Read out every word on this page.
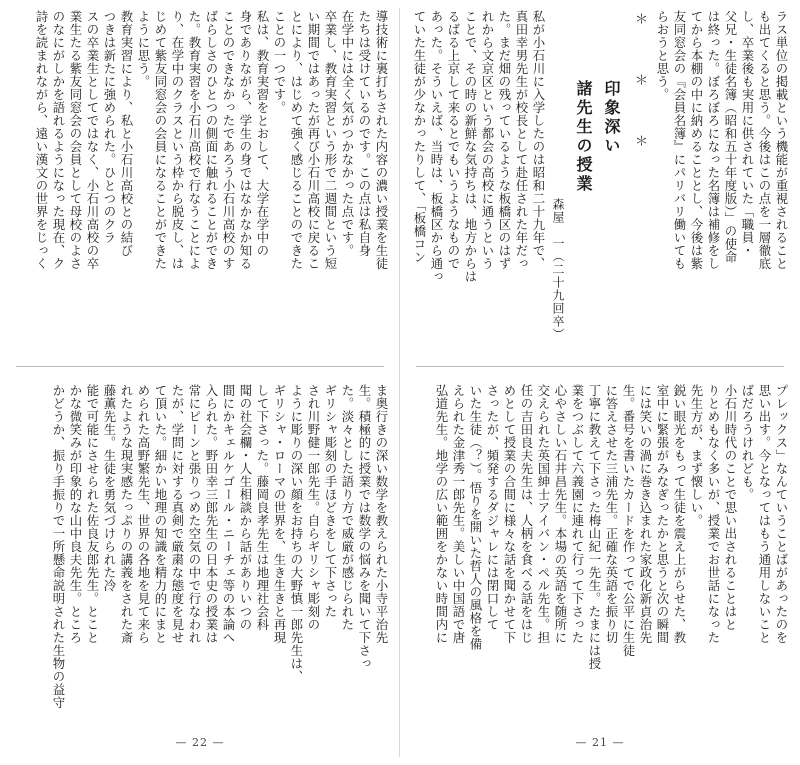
導技術に裏打ちされた内容の濃い授業を生徒
たちは受けているのです。この点は私自身
在学中には全く気がつかなかった点です。
卒業し、教育実習という形で二週間という短
い期間ではあったが再び小石川高校に戻るこ
とにより、はじめて強く感じることのできた
ことの一つです。
私は、教育実習をとおして、大学在学中の
身でありながら、学生の身ではなかなか知る
ことのできなかったであろう小石川高校のす
ばらしさのひとつの側面に触れることができ
た。教育実習を小石川高校で行なうことによ
り、在学中のクラスという枠から脱皮し、は
じめて紫友同窓会の会員になることができた
ように思う。
教育実習により、私と小石川高校との結び
つきは新たに強められた。ひとつのクラ
スの卒業生としてではなく、小石川高校の卒
業生たる紫友同窓会の会員として母校のよさ
のなにがしかを語れるようになった現在、ク
詩を読まれながら、遠い漢文の世界をじっく
ま奥行きの深い数学を教えられた小寺平治先
生。積極的に授業では数学の悩みを聞いて下さっ
た。淡々とした語り方で威厳が感じられた
ギリシャ彫刻の手ほどきをして下さった
され川野健一郎先生。自らギリシャ彫刻の
ように彫りの深い顔をお持ちの大野慎一郎先生は、
ギリシャ・ローマの世界を、生き生きと再現
して下さった。藤岡良孝先生は地理社会科
聞の社会欄・人生相談から話がありいつの
間にかキェルケゴール・ニーチェ等の本論へ
入られた。野田幸三郎先生の日本史の授業は
常にピーンと張りつめた空気の中で行なわれ
たが、学問に対する真剣で厳粛な態度を見せ
て頂いた。細かい地理の知識を精力的にまと
められた高野繁先生、世界の各地を見て来ら
れたような現実感たっぷりの講義をされた斎
藤薫先生。生徒を勇気づけられた冷
能で可能にさせられた佐良友郎先生。とこと
かな微笑みが印象的な山中良夫先生。ところ
かどうか、振り手振りで一所懸命説明された生物の益守
— 22 —
ラス単位の掲載という機能が重視されること
も出てくると思う。今後はこの点を一層徹底
し、卒業後も実用に供されていた「職員・
父兄・生徒名簿（昭和五十年度版）」の使命
は終った。ぼろぼろになった名簿は補修をし
てから本棚の中に納めることとし、今後は紫
友同窓会の『会員名簿』にパリバリ働いても
らおうと思う。
＊ ＊ ＊
印象深い
諸先生の授業
森屋　一（二十九回卒）
私が小石川に入学したのは昭和二十九年で、
真田幸男先生が校長として赴任された年だっ
た。まだ畑の残っているような板橋区のはず
れから文京区という都会の高校に通うという
ことで、その時の新鮮な気持ちは、地方からは
るばる上京して来るとでもいうようなもので
あった。そういえば、当時は、板橋区から通っ
ていた生徒が少なかったりして、「板橋コン
プレックス」なんていうことばがあったのを
思い出す。今となってはもう通用しないこと
ばだろうけれども。
小石川時代のことで思い出されることはと
りとめもなく多いが、授業でお世話になった
先生方が、まず懐しい。
鋭い眼光をもって生徒を震え上がらせた、教
室中に緊張がみなぎったかと思うと次の瞬間
には笑いの渦に巻き込まれた家政化新貞治先
生。番号を書いたカードを作ってで公平に生徒
に答えさせた三浦先生。正確な英語を振り切
丁寧に教えて下さった梅山紀一先生。たまには授
業をつぶして六義園に連れて行って下さった
心やさしい石井昌先生。本場の英語を随所に
交えられた英国紳士アイバン・ペル先生。担
任の吉田良夫先生は、人柄を食べる話をはじ
めとして授業の合間に様々な話を聞かせて下
さったが、頻発するダジャレには閉口して
いた生徒（？）。悟りを開いた哲人の風格を備
えられた金津秀一郎先生。美しい中国語で唐
弘道先生。地学の広い範囲をかない時間内に
— 21 —
